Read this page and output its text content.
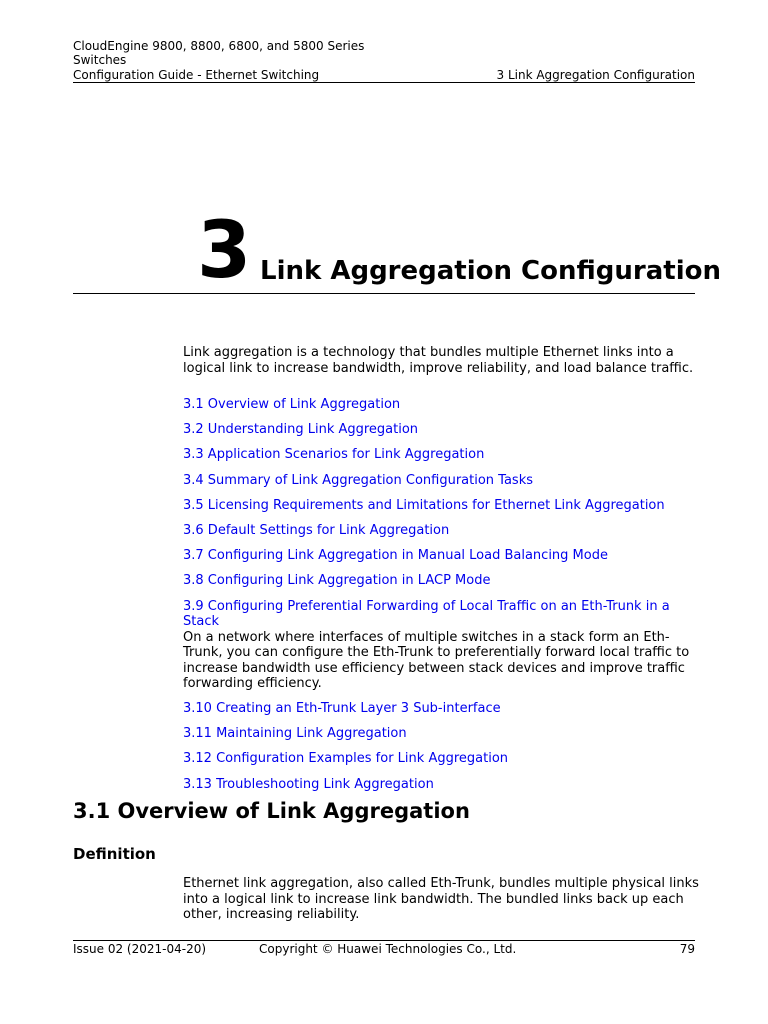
CloudEngine 9800, 8800, 6800, and 5800 Series
Switches
Configuration Guide - Ethernet Switching	3 Link Aggregation Configuration
3 Link Aggregation Configuration
Link aggregation is a technology that bundles multiple Ethernet links into a logical link to increase bandwidth, improve reliability, and load balance traffic.
3.1 Overview of Link Aggregation
3.2 Understanding Link Aggregation
3.3 Application Scenarios for Link Aggregation
3.4 Summary of Link Aggregation Configuration Tasks
3.5 Licensing Requirements and Limitations for Ethernet Link Aggregation
3.6 Default Settings for Link Aggregation
3.7 Configuring Link Aggregation in Manual Load Balancing Mode
3.8 Configuring Link Aggregation in LACP Mode
3.9 Configuring Preferential Forwarding of Local Traffic on an Eth-Trunk in a Stack
On a network where interfaces of multiple switches in a stack form an Eth-Trunk, you can configure the Eth-Trunk to preferentially forward local traffic to increase bandwidth use efficiency between stack devices and improve traffic forwarding efficiency.
3.10 Creating an Eth-Trunk Layer 3 Sub-interface
3.11 Maintaining Link Aggregation
3.12 Configuration Examples for Link Aggregation
3.13 Troubleshooting Link Aggregation
3.1 Overview of Link Aggregation
Definition
Ethernet link aggregation, also called Eth-Trunk, bundles multiple physical links into a logical link to increase link bandwidth. The bundled links back up each other, increasing reliability.
Issue 02 (2021-04-20)	Copyright © Huawei Technologies Co., Ltd.	79
